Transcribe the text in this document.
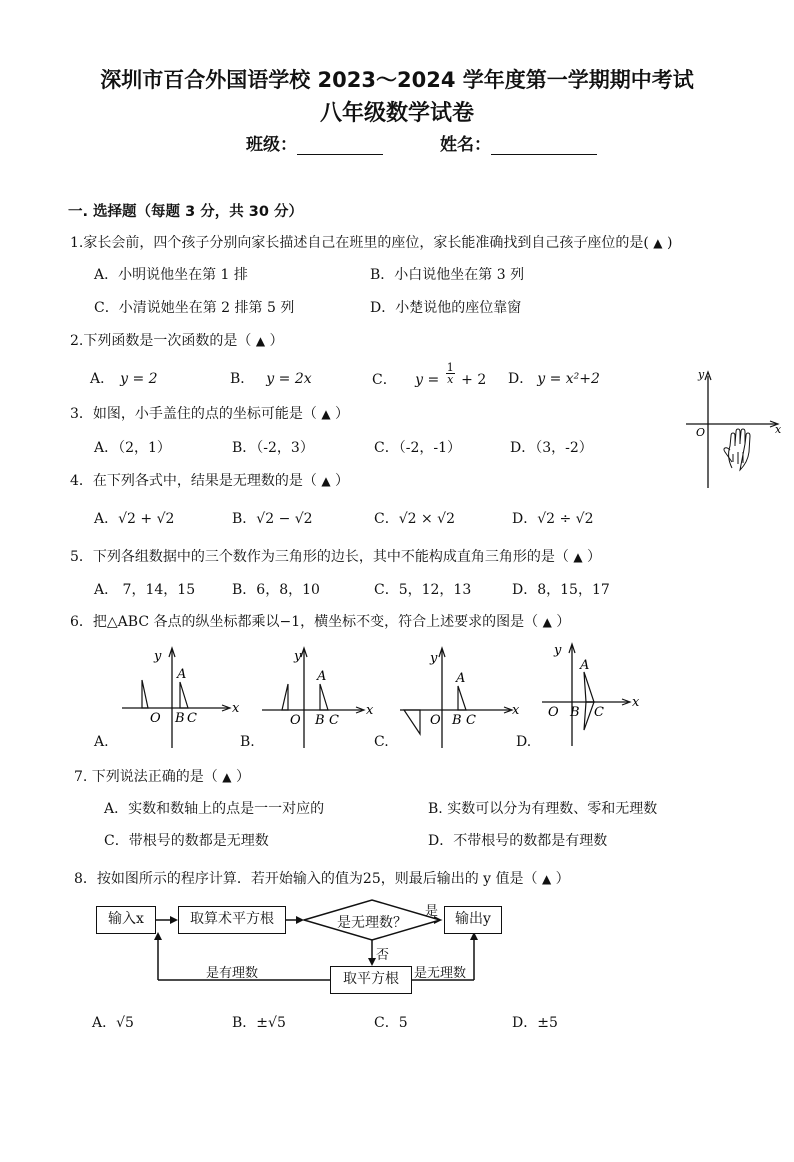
深圳市百合外国语学校 2023～2024 学年度第一学期期中考试
八年级数学试卷
班级：	姓名：
一. 选择题（每题 3 分，共 30 分）
1.家长会前，四个孩子分别向家长描述自己在班里的座位，家长能准确找到自己孩子座位的是( ▲ )
A．小明说他坐在第 1 排	B．小白说他坐在第 3 列
C．小清说她坐在第 2 排第 5 列	D．小楚说他的座位靠窗
2.下列函数是一次函数的是（ ▲ ）
A． y = 2	B． y = 2x	C． $y = \frac{1}{x} + 2$ D． y = x²+2	y
x
O
3．如图，小手盖住的点的坐标可能是（ ▲ ）
A．（2，1）	B．（-2，3）	C．（-2，-1）	D．（3，-2）
4．在下列各式中，结果是无理数的是（ ▲ ）
A．√2 + √2	B．√2 − √2	C．√2 × √2	D．√2 ÷ √2
5．下列各组数据中的三个数作为三角形的边长，其中不能构成直角三角形的是（ ▲ ）
A． 7，14，15	B．6，8，10	C．5，12，13	D．8，15，17
6．把△ABC 各点的纵坐标都乘以−1，横坐标不变，符合上述要求的图是（ ▲ ）
y
x
O
A
B C
A.
y
x
O
A
B C
B.
y
x
O
A
B C
C.
y
x
O
A
B C
D.
7. 下列说法正确的是（ ▲ ）
A．实数和数轴上的点是一一对应的	B. 实数可以分为有理数、零和无理数
C．带根号的数都是无理数	D．不带根号的数都是有理数
8．按如图所示的程序计算．若开始输入的值为25，则最后输出的 y 值是（ ▲ ）
输入x	取算术平方根	是无理数？
是	输出y
否
取平方根
是有理数	是无理数
A．√5	B．±√5	C．5	D．±5
